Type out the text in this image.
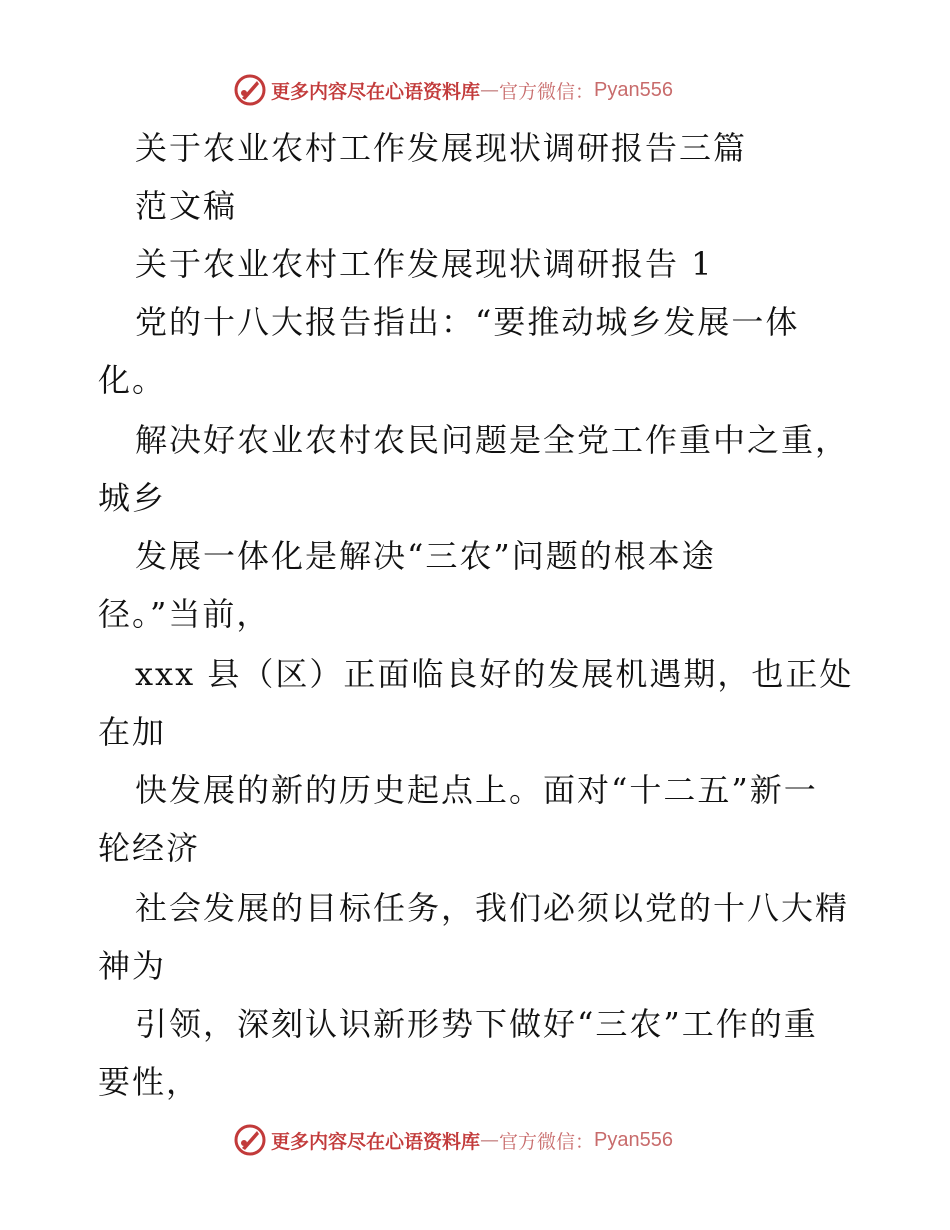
更多内容尽在心语资料库 — 官方微信： Pyan556
关于农业农村工作发展现状调研报告三篇
范文稿
关于农业农村工作发展现状调研报告 1
党的十八大报告指出：“要推动城乡发展一体
化。
解决好农业农村农民问题是全党工作重中之重，
城乡
发展一体化是解决“三农”问题的根本途
径。”当前，
xxx 县（区）正面临良好的发展机遇期，也正处
在加
快发展的新的历史起点上。面对“十二五”新一
轮经济
社会发展的目标任务，我们必须以党的十八大精
神为
引领，深刻认识新形势下做好“三农”工作的重
要性，
更多内容尽在心语资料库 — 官方微信： Pyan556
